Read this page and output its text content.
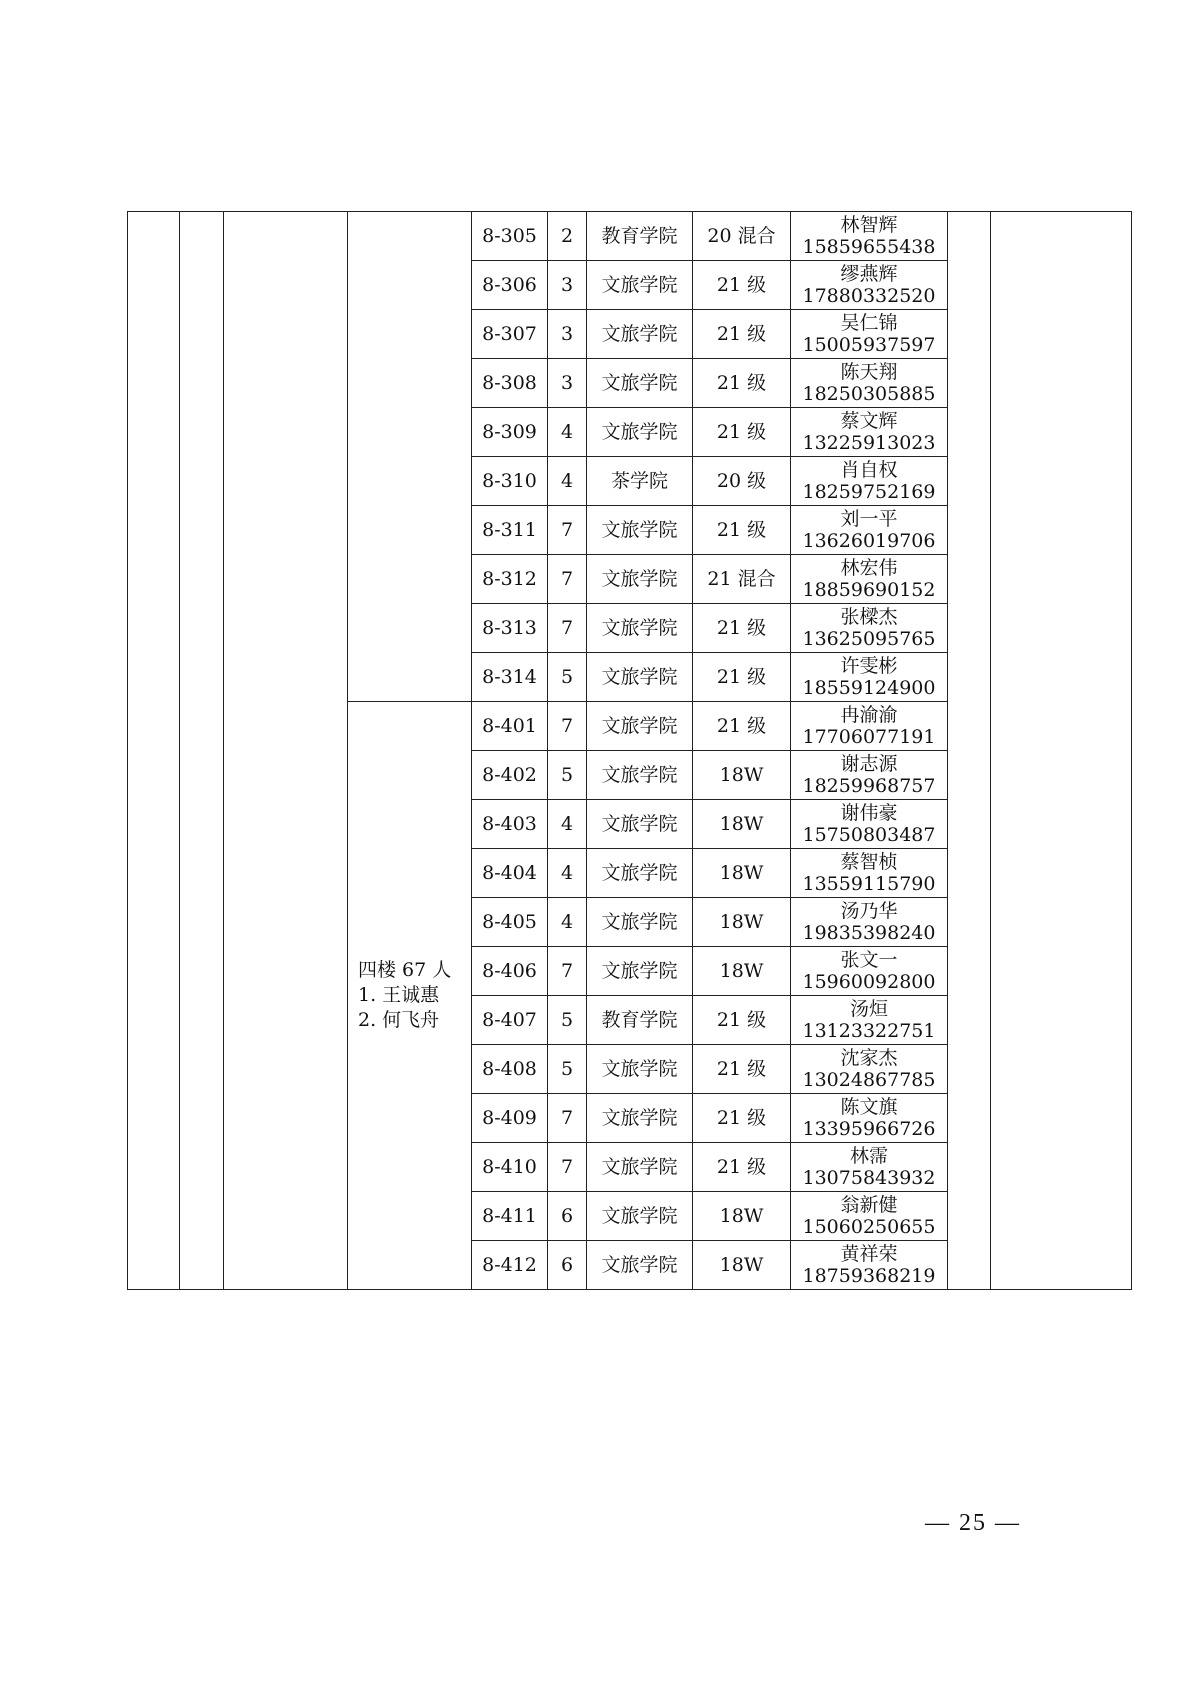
				8-305	2	教育学院	20 混合	林智辉
15859655438		

				8-306	3	文旅学院	21 级	缪燕辉
17880332520		

				8-307	3	文旅学院	21 级	吴仁锦
15005937597		

				8-308	3	文旅学院	21 级	陈天翔
18250305885		

				8-309	4	文旅学院	21 级	蔡文辉
13225913023		

				8-310	4	茶学院	20 级	肖自权
18259752169		

				8-311	7	文旅学院	21 级	刘一平
13626019706		

				8-312	7	文旅学院	21 混合	林宏伟
18859690152		

				8-313	7	文旅学院	21 级	张樑杰
13625095765		

				8-314	5	文旅学院	21 级	许雯彬
18559124900		

			四楼 67 人
1. 王诚惠
2. 何飞舟	8-401	7	文旅学院	21 级	冉渝渝
17706077191		

				8-402	5	文旅学院	18W	谢志源
18259968757		

				8-403	4	文旅学院	18W	谢伟豪
15750803487		

				8-404	4	文旅学院	18W	蔡智桢
13559115790		

				8-405	4	文旅学院	18W	汤乃华
19835398240		

				8-406	7	文旅学院	18W	张文一
15960092800		

				8-407	5	教育学院	21 级	汤烜
13123322751		

				8-408	5	文旅学院	21 级	沈家杰
13024867785		

				8-409	7	文旅学院	21 级	陈文旗
13395966726		

				8-410	7	文旅学院	21 级	林霈
13075843932		

				8-411	6	文旅学院	18W	翁新健
15060250655		

				8-412	6	文旅学院	18W	黄祥荣
18759368219		
— 25 —
